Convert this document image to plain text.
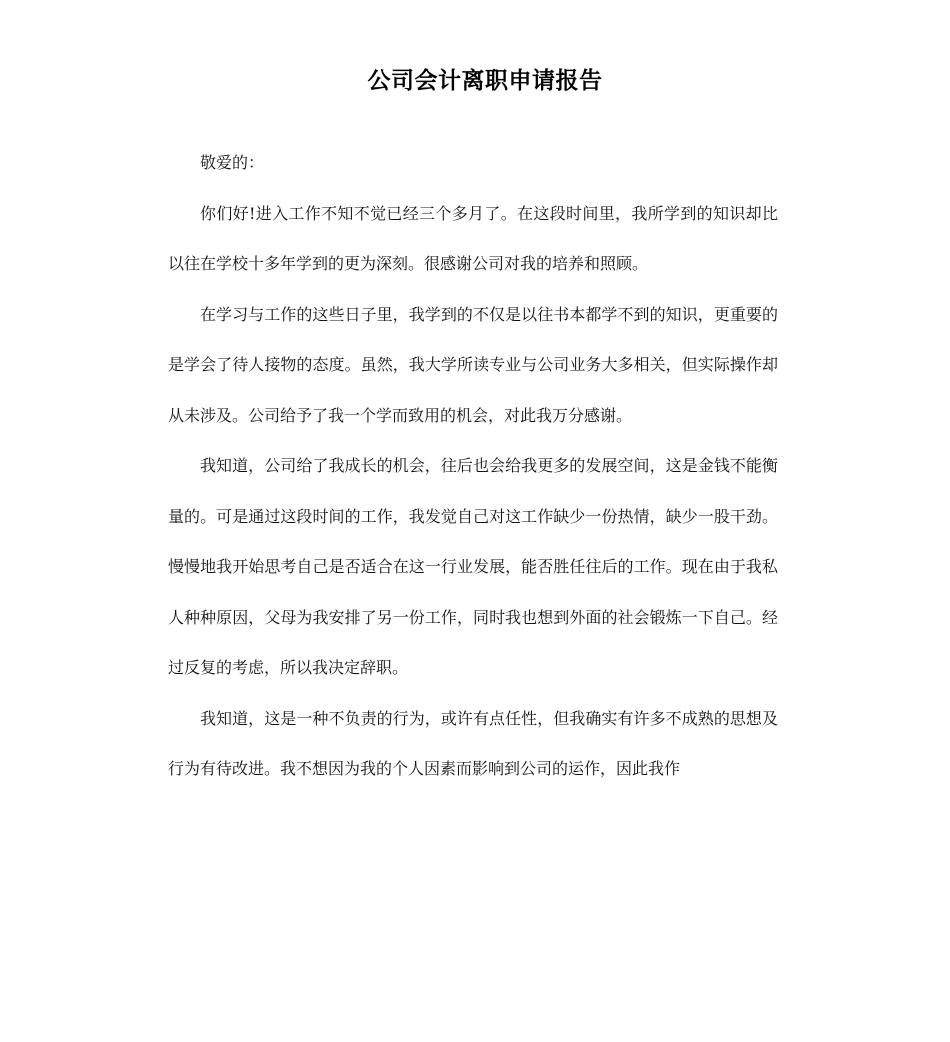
公司会计离职申请报告

敬爱的：

你们好!进入工作不知不觉已经三个多月了。在这段时间里，我所学到的知识却比以往在学校十多年学到的更为深刻。很感谢公司对我的培养和照顾。

在学习与工作的这些日子里，我学到的不仅是以往书本都学不到的知识，更重要的是学会了待人接物的态度。虽然，我大学所读专业与公司业务大多相关，但实际操作却从未涉及。公司给予了我一个学而致用的机会，对此我万分感谢。

我知道，公司给了我成长的机会，往后也会给我更多的发展空间，这是金钱不能衡量的。可是通过这段时间的工作，我发觉自己对这工作缺少一份热情，缺少一股干劲。慢慢地我开始思考自己是否适合在这一行业发展，能否胜任往后的工作。现在由于我私人种种原因，父母为我安排了另一份工作，同时我也想到外面的社会锻炼一下自己。经过反复的考虑，所以我决定辞职。

我知道，这是一种不负责的行为，或许有点任性，但我确实有许多不成熟的思想及行为有待改进。我不想因为我的个人因素而影响到公司的运作，因此我作
